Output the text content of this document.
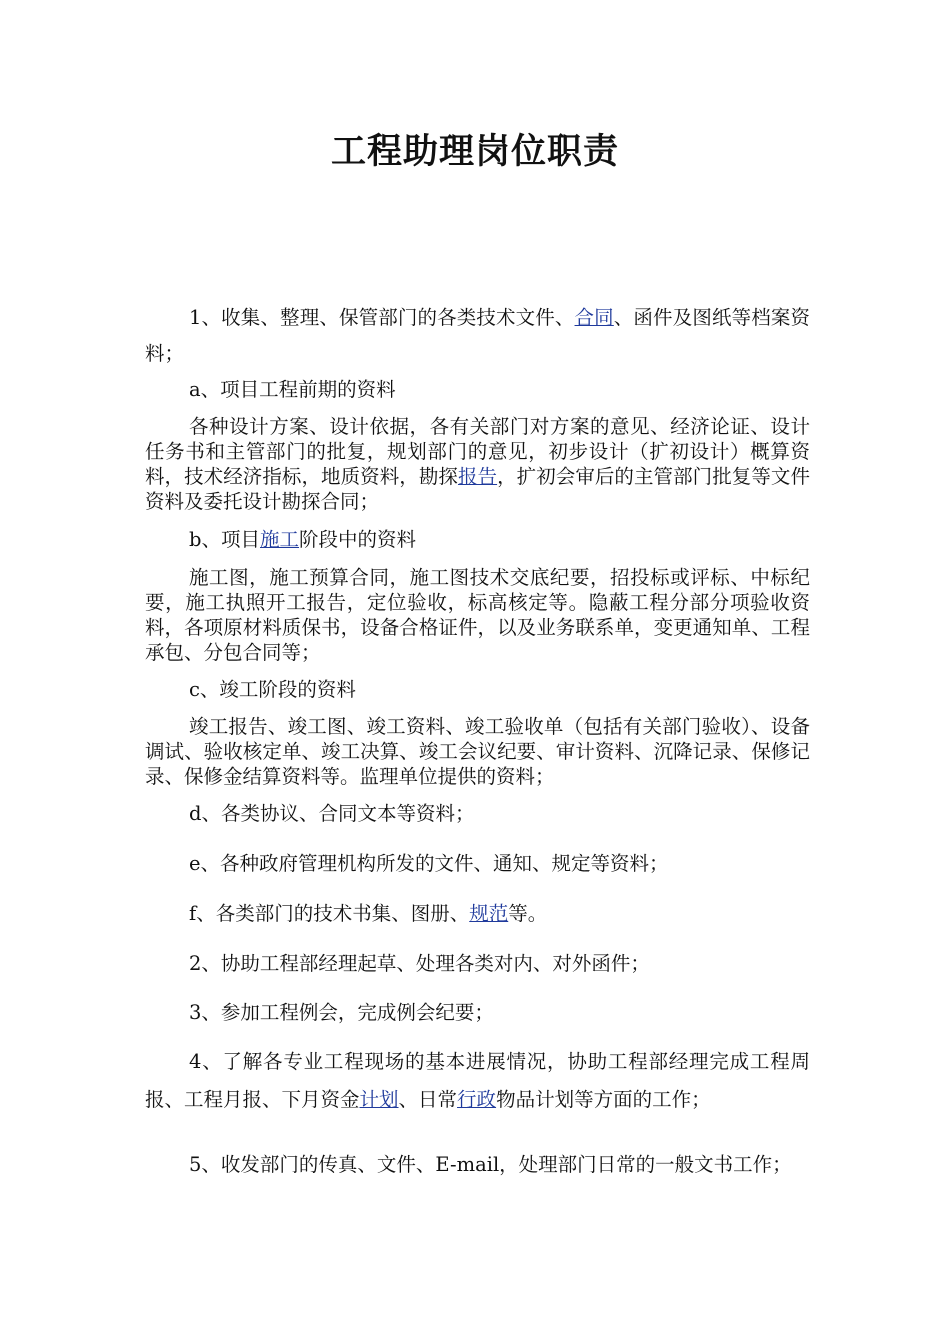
工程助理岗位职责

1、收集、整理、保管部门的各类技术文件、合同、函件及图纸等档案资料；

a、项目工程前期的资料

各种设计方案、设计依据，各有关部门对方案的意见、经济论证、设计任务书和主管部门的批复，规划部门的意见，初步设计（扩初设计）概算资料，技术经济指标，地质资料，勘探报告，扩初会审后的主管部门批复等文件资料及委托设计勘探合同；

b、项目施工阶段中的资料

施工图，施工预算合同，施工图技术交底纪要，招投标或评标、中标纪要，施工执照开工报告，定位验收，标高核定等。隐蔽工程分部分项验收资料，各项原材料质保书，设备合格证件，以及业务联系单，变更通知单、工程承包、分包合同等；

c、竣工阶段的资料

竣工报告、竣工图、竣工资料、竣工验收单（包括有关部门验收）、设备调试、验收核定单、竣工决算、竣工会议纪要、审计资料、沉降记录、保修记录、保修金结算资料等。监理单位提供的资料；

d、各类协议、合同文本等资料；

e、各种政府管理机构所发的文件、通知、规定等资料；

f、各类部门的技术书集、图册、规范等。

2、协助工程部经理起草、处理各类对内、对外函件；

3、参加工程例会，完成例会纪要；

4、了解各专业工程现场的基本进展情况，协助工程部经理完成工程周报、工程月报、下月资金计划、日常行政物品计划等方面的工作；

5、收发部门的传真、文件、E-mail，处理部门日常的一般文书工作；
